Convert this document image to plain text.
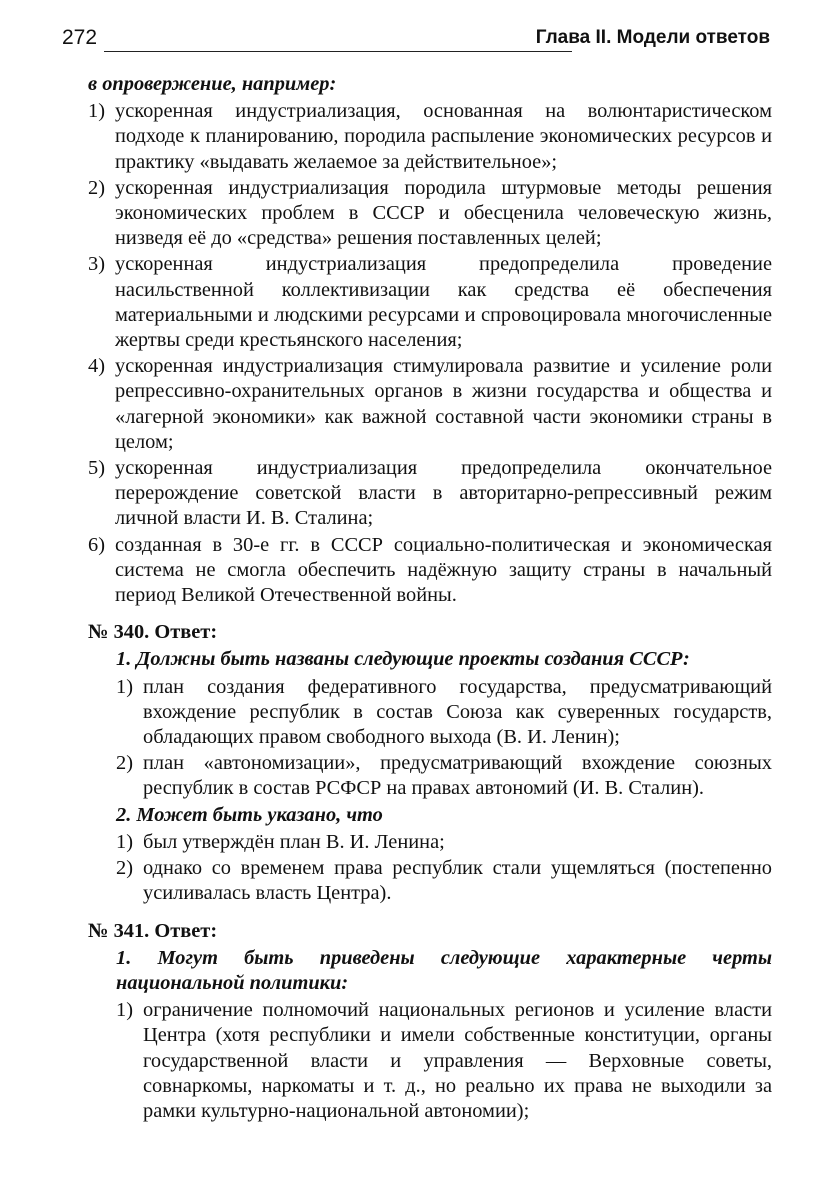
272	Глава II. Модели ответов

в опровержение, например:

1) ускоренная индустриализация, основанная на волюнтаристическом подходе к планированию, породила распыление экономических ресурсов и практику «выдавать желаемое за действительное»;
2) ускоренная индустриализация породила штурмовые методы решения экономических проблем в СССР и обесценила человеческую жизнь, низведя её до «средства» решения поставленных целей;
3) ускоренная индустриализация предопределила проведение насильственной коллективизации как средства её обеспечения материальными и людскими ресурсами и спровоцировала многочисленные жертвы среди крестьянского населения;
4) ускоренная индустриализация стимулировала развитие и усиление роли репрессивно-охранительных органов в жизни государства и общества и «лагерной экономики» как важной составной части экономики страны в целом;
5) ускоренная индустриализация предопределила окончательное перерождение советской власти в авторитарно-репрессивный режим личной власти И. В. Сталина;
6) созданная в 30-е гг. в СССР социально-политическая и экономическая система не смогла обеспечить надёжную защиту страны в начальный период Великой Отечественной войны.

№ 340. Ответ:

1. Должны быть названы следующие проекты создания СССР:

1) план создания федеративного государства, предусматривающий вхождение республик в состав Союза как суверенных государств, обладающих правом свободного выхода (В. И. Ленин);
2) план «автономизации», предусматривающий вхождение союзных республик в состав РСФСР на правах автономий (И. В. Сталин).

2. Может быть указано, что

1) был утверждён план В. И. Ленина;
2) однако со временем права республик стали ущемляться (постепенно усиливалась власть Центра).

№ 341. Ответ:

1. Могут быть приведены следующие характерные черты национальной политики:

1) ограничение полномочий национальных регионов и усиление власти Центра (хотя республики и имели собственные конституции, органы государственной власти и управления — Верховные советы, совнаркомы, наркоматы и т. д., но реально их права не выходили за рамки культурно-национальной автономии);
